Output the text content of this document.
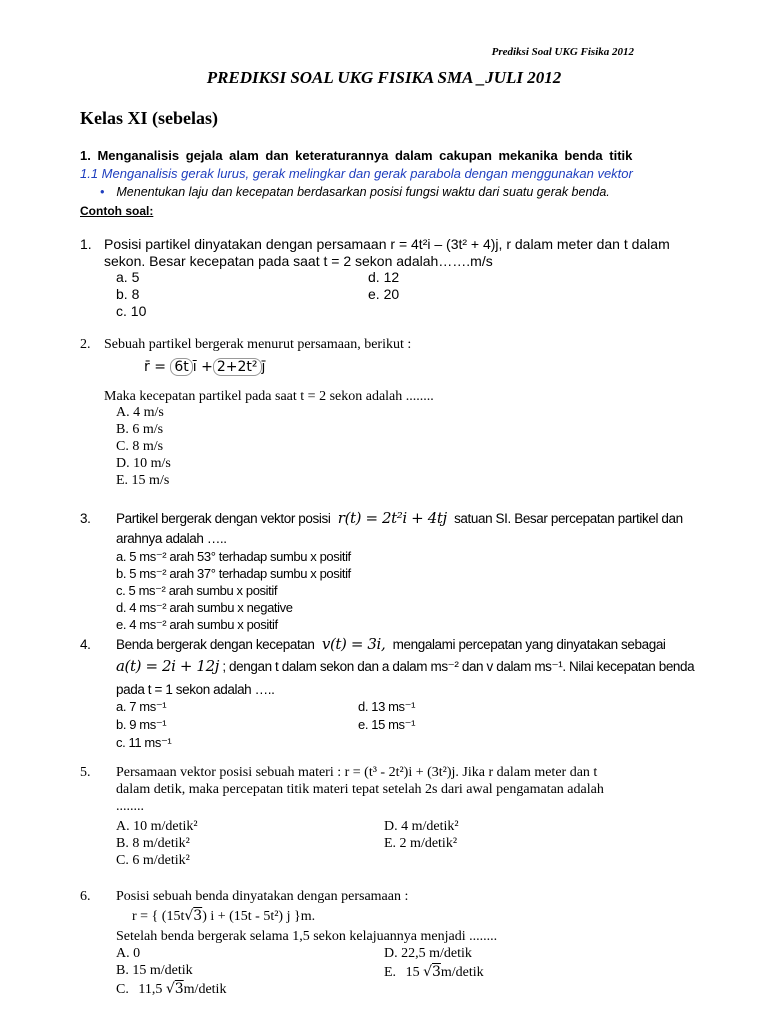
Prediksi Soal UKG Fisika 2012
PREDIKSI SOAL UKG FISIKA SMA _JULI 2012
Kelas XI (sebelas)
1. Menganalisis gejala alam dan keteraturannya dalam cakupan mekanika benda titik
1.1 Menganalisis gerak lurus, gerak melingkar dan gerak parabola dengan menggunakan vektor
• Menentukan laju dan kecepatan berdasarkan posisi fungsi waktu dari suatu gerak benda.
Contoh soal:
1. Posisi partikel dinyatakan dengan persamaan r = 4t²i – (3t² + 4)j, r dalam meter dan t dalam
sekon. Besar kecepatan pada saat t = 2 sekon adalah…….m/s
a. 5
b. 8
c. 10
d. 12
e. 20
2. Sebuah partikel bergerak menurut persamaan, berikut :
r̄ = 6t ī + 2+2t² j̄
Maka kecepatan partikel pada saat t = 2 sekon adalah ........
A. 4 m/s
B. 6 m/s
C. 8 m/s
D. 10 m/s
E. 15 m/s
3. Partikel bergerak dengan vektor posisi r(t) = 2t²i + 4tj satuan SI. Besar percepatan partikel dan
arahnya adalah …..
a. 5 ms⁻² arah 53° terhadap sumbu x positif
b. 5 ms⁻² arah 37° terhadap sumbu x positif
c. 5 ms⁻² arah sumbu x positif
d. 4 ms⁻² arah sumbu x negative
e. 4 ms⁻² arah sumbu x positif
4. Benda bergerak dengan kecepatan v(t) = 3i, mengalami percepatan yang dinyatakan sebagai
a(t) = 2i + 12j ; dengan t dalam sekon dan a dalam ms⁻² dan v dalam ms⁻¹. Nilai kecepatan benda
pada t = 1 sekon adalah …..
a. 7 ms⁻¹
b. 9 ms⁻¹
c. 11 ms⁻¹
d. 13 ms⁻¹
e. 15 ms⁻¹
5. Persamaan vektor posisi sebuah materi : r = (t³ - 2t²)i + (3t²)j. Jika r dalam meter dan t
dalam detik, maka percepatan titik materi tepat setelah 2s dari awal pengamatan adalah
........
A. 10 m/detik²
B. 8 m/detik²
C. 6 m/detik²
D. 4 m/detik²
E. 2 m/detik²
6. Posisi sebuah benda dinyatakan dengan persamaan :
r = { (15t√3) i + (15t - 5t²) j }m.
Setelah benda bergerak selama 1,5 sekon kelajuannya menjadi ........
A. 0
B. 15 m/detik
C. 11,5 √3m/detik
D. 22,5 m/detik
E. 15 √3m/detik
